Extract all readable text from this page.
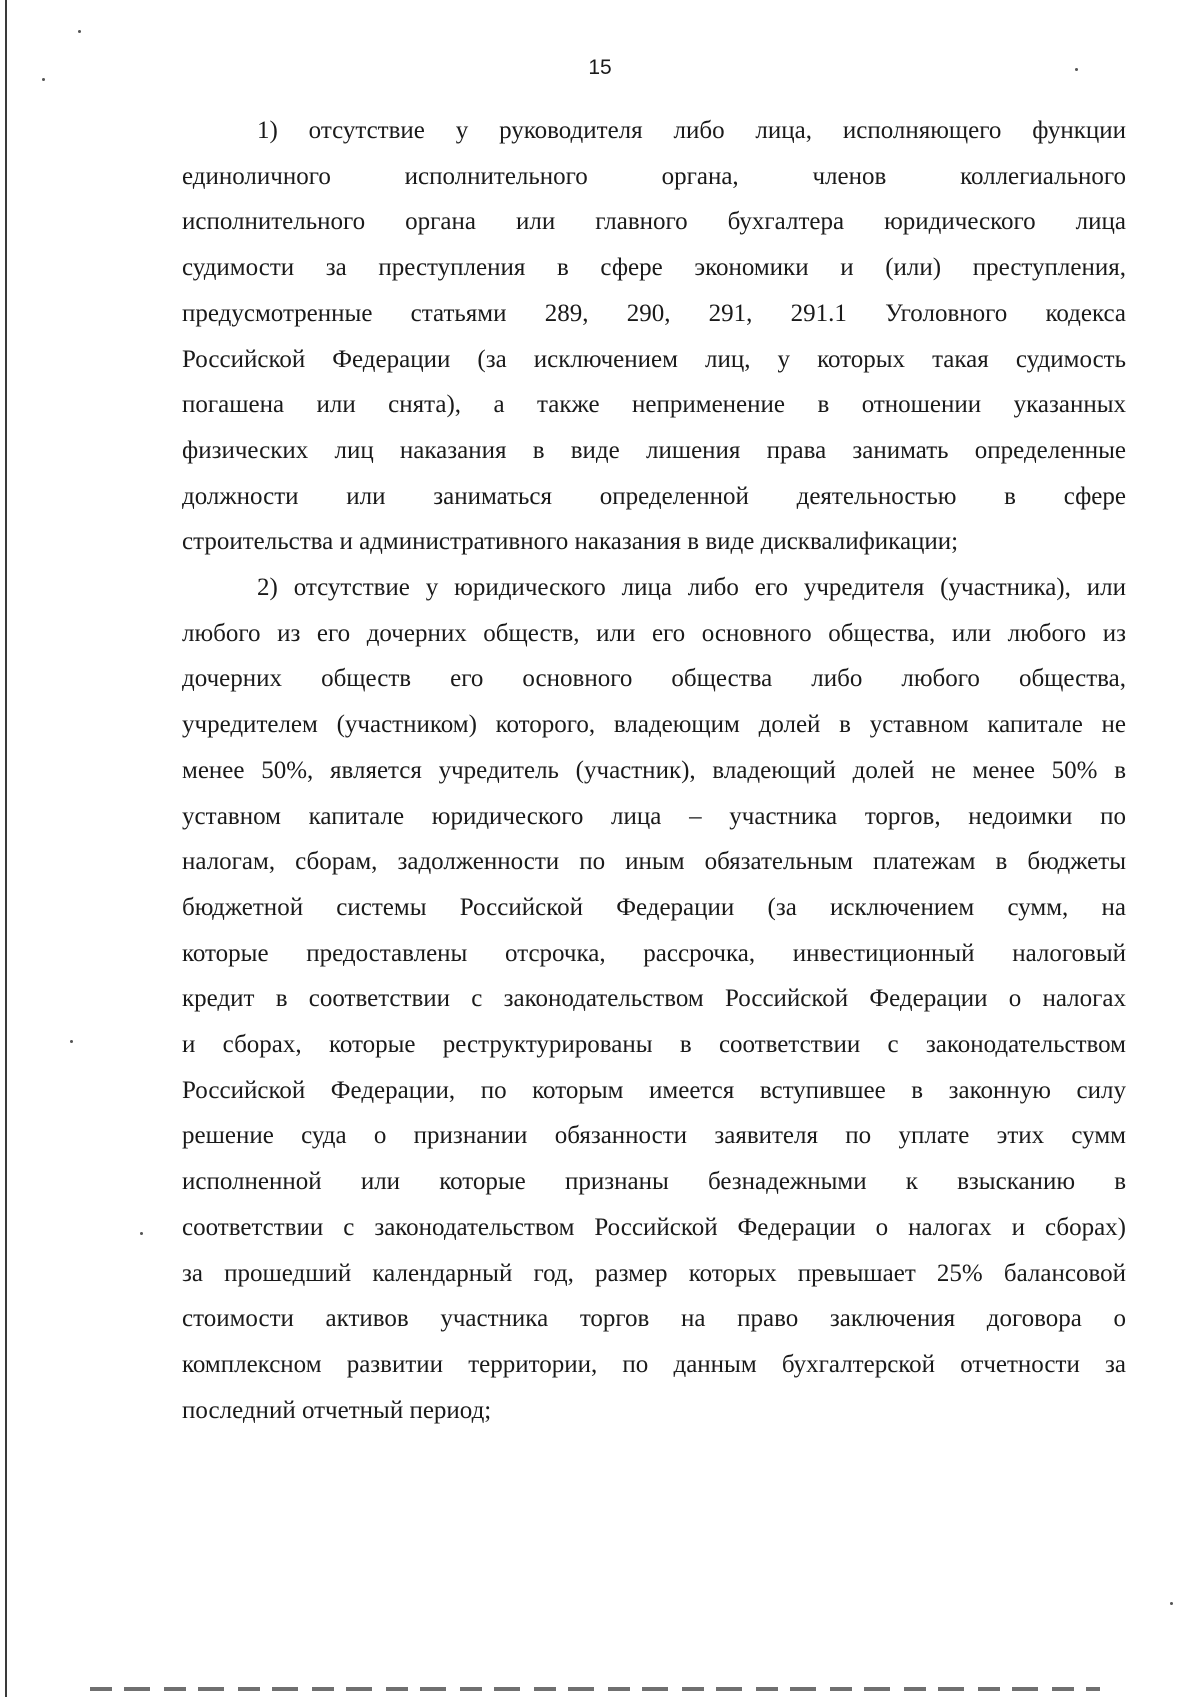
15
1) отсутствие у руководителя либо лица, исполняющего функции
единоличного исполнительного органа, членов коллегиального
исполнительного органа или главного бухгалтера юридического лица
судимости за преступления в сфере экономики и (или) преступления,
предусмотренные статьями 289, 290, 291, 291.1 Уголовного кодекса
Российской Федерации (за исключением лиц, у которых такая судимость
погашена или снята), а также неприменение в отношении указанных
физических лиц наказания в виде лишения права занимать определенные
должности или заниматься определенной деятельностью в сфере
строительства и административного наказания в виде дисквалификации;
2) отсутствие у юридического лица либо его учредителя (участника), или
любого из его дочерних обществ, или его основного общества, или любого из
дочерних обществ его основного общества либо любого общества,
учредителем (участником) которого, владеющим долей в уставном капитале не
менее 50%, является учредитель (участник), владеющий долей не менее 50% в
уставном капитале юридического лица – участника торгов, недоимки по
налогам, сборам, задолженности по иным обязательным платежам в бюджеты
бюджетной системы Российской Федерации (за исключением сумм, на
которые предоставлены отсрочка, рассрочка, инвестиционный налоговый
кредит в соответствии с законодательством Российской Федерации о налогах
и сборах, которые реструктурированы в соответствии с законодательством
Российской Федерации, по которым имеется вступившее в законную силу
решение суда о признании обязанности заявителя по уплате этих сумм
исполненной или которые признаны безнадежными к взысканию в
соответствии с законодательством Российской Федерации о налогах и сборах)
за прошедший календарный год, размер которых превышает 25% балансовой
стоимости активов участника торгов на право заключения договора о
комплексном развитии территории, по данным бухгалтерской отчетности за
последний отчетный период;
